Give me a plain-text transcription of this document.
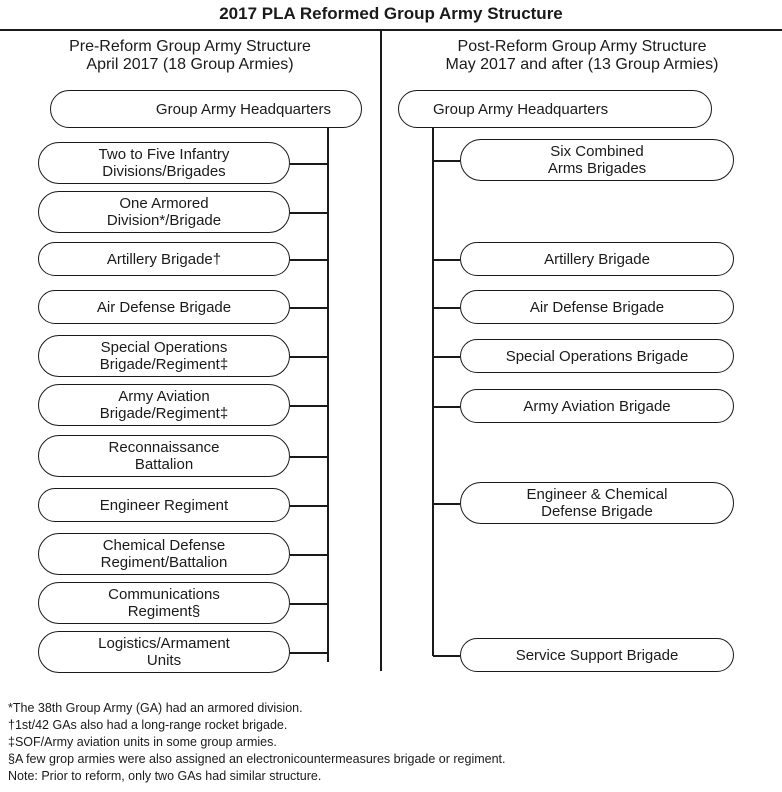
2017 PLA Reformed Group Army Structure
Pre-Reform Group Army Structure
April 2017 (18 Group Armies)
Post-Reform Group Army Structure
May 2017 and after (13 Group Armies)
Group Army Headquarters
Two to Five Infantry
Divisions/Brigades
One Armored
Division*/Brigade
Artillery Brigade†
Air Defense Brigade
Special Operations
Brigade/Regiment‡
Army Aviation
Brigade/Regiment‡
Reconnaissance
Battalion
Engineer Regiment
Chemical Defense
Regiment/Battalion
Communications
Regiment§
Logistics/Armament
Units
Group Army Headquarters
Six Combined
Arms Brigades
Artillery Brigade
Air Defense Brigade
Special Operations Brigade
Army Aviation Brigade
Engineer & Chemical
Defense Brigade
Service Support Brigade
*The 38th Group Army (GA) had an armored division.
†1st/42 GAs also had a long-range rocket brigade.
‡SOF/Army aviation units in some group armies.
§A few grop armies were also assigned an electronicountermeasures brigade or regiment.
Note: Prior to reform, only two GAs had similar structure.
